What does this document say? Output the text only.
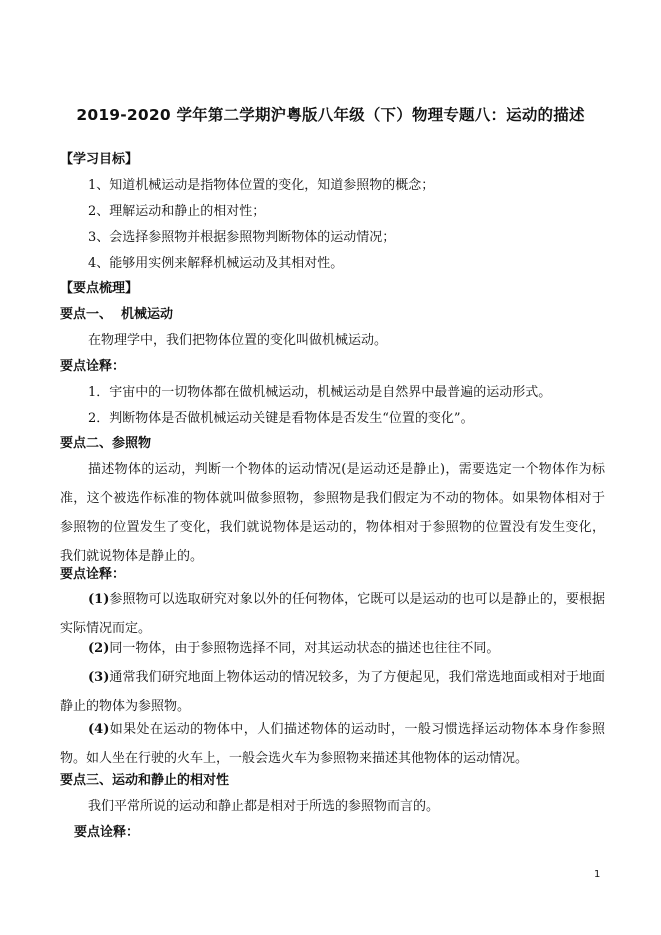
2019-2020 学年第二学期沪粤版八年级（下）物理专题八：运动的描述
【学习目标】
1、知道机械运动是指物体位置的变化，知道参照物的概念；
2、理解运动和静止的相对性；
3、会选择参照物并根据参照物判断物体的运动情况；
4、能够用实例来解释机械运动及其相对性。
【要点梳理】
要点一、  机械运动
在物理学中，我们把物体位置的变化叫做机械运动。
要点诠释：
1．宇宙中的一切物体都在做机械运动，机械运动是自然界中最普遍的运动形式。
2．判断物体是否做机械运动关键是看物体是否发生“位置的变化”。
要点二、参照物
描述物体的运动，判断一个物体的运动情况(是运动还是静止)，需要选定一个物体作为标准，这个被选作标准的物体就叫做参照物，参照物是我们假定为不动的物体。如果物体相对于参照物的位置发生了变化，我们就说物体是运动的，物体相对于参照物的位置没有发生变化，我们就说物体是静止的。
要点诠释：
(1)参照物可以选取研究对象以外的任何物体，它既可以是运动的也可以是静止的，要根据实际情况而定。
(2)同一物体，由于参照物选择不同，对其运动状态的描述也往往不同。
(3)通常我们研究地面上物体运动的情况较多，为了方便起见，我们常选地面或相对于地面静止的物体为参照物。
(4)如果处在运动的物体中，人们描述物体的运动时，一般习惯选择运动物体本身作参照物。如人坐在行驶的火车上，一般会选火车为参照物来描述其他物体的运动情况。
要点三、运动和静止的相对性
我们平常所说的运动和静止都是相对于所选的参照物而言的。
要点诠释：
1
